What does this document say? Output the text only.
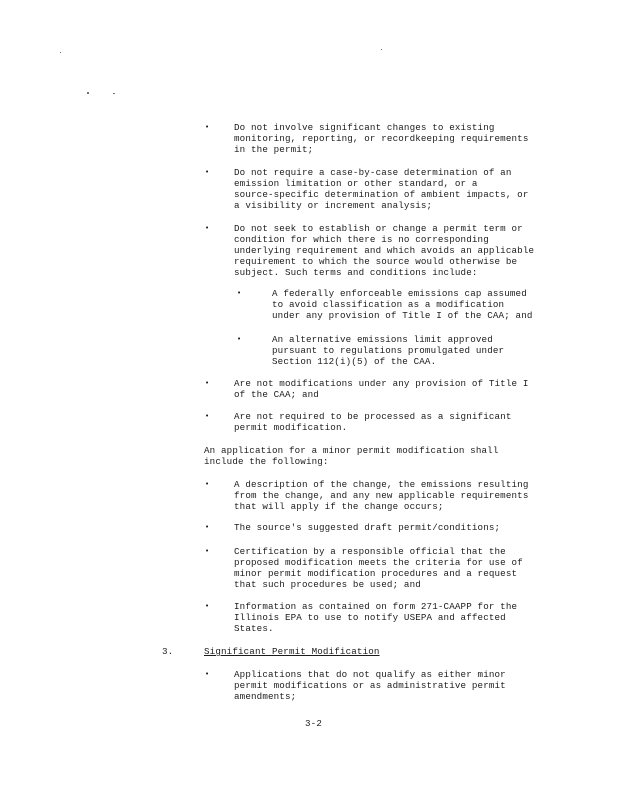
•	Do not involve significant changes to existing
monitoring, reporting, or recordkeeping requirements
in the permit;

•	Do not require a case-by-case determination of an
emission limitation or other standard, or a
source-specific determination of ambient impacts, or
a visibility or increment analysis;

•	Do not seek to establish or change a permit term or
condition for which there is no corresponding
underlying requirement and which avoids an applicable
requirement to which the source would otherwise be
subject. Such terms and conditions include:

•	A federally enforceable emissions cap assumed
to avoid classification as a modification
under any provision of Title I of the CAA; and

•	An alternative emissions limit approved
pursuant to regulations promulgated under
Section 112(i)(5) of the CAA.

•	Are not modifications under any provision of Title I
of the CAA; and

•	Are not required to be processed as a significant
permit modification.

An application for a minor permit modification shall
include the following:

•	A description of the change, the emissions resulting
from the change, and any new applicable requirements
that will apply if the change occurs;

•	The source's suggested draft permit/conditions;

•	Certification by a responsible official that the
proposed modification meets the criteria for use of
minor permit modification procedures and a request
that such procedures be used; and

•	Information as contained on form 271-CAAPP for the
Illinois EPA to use to notify USEPA and affected
States.

3.	Significant Permit Modification

•	Applications that do not qualify as either minor
permit modifications or as administrative permit
amendments;

3-2
